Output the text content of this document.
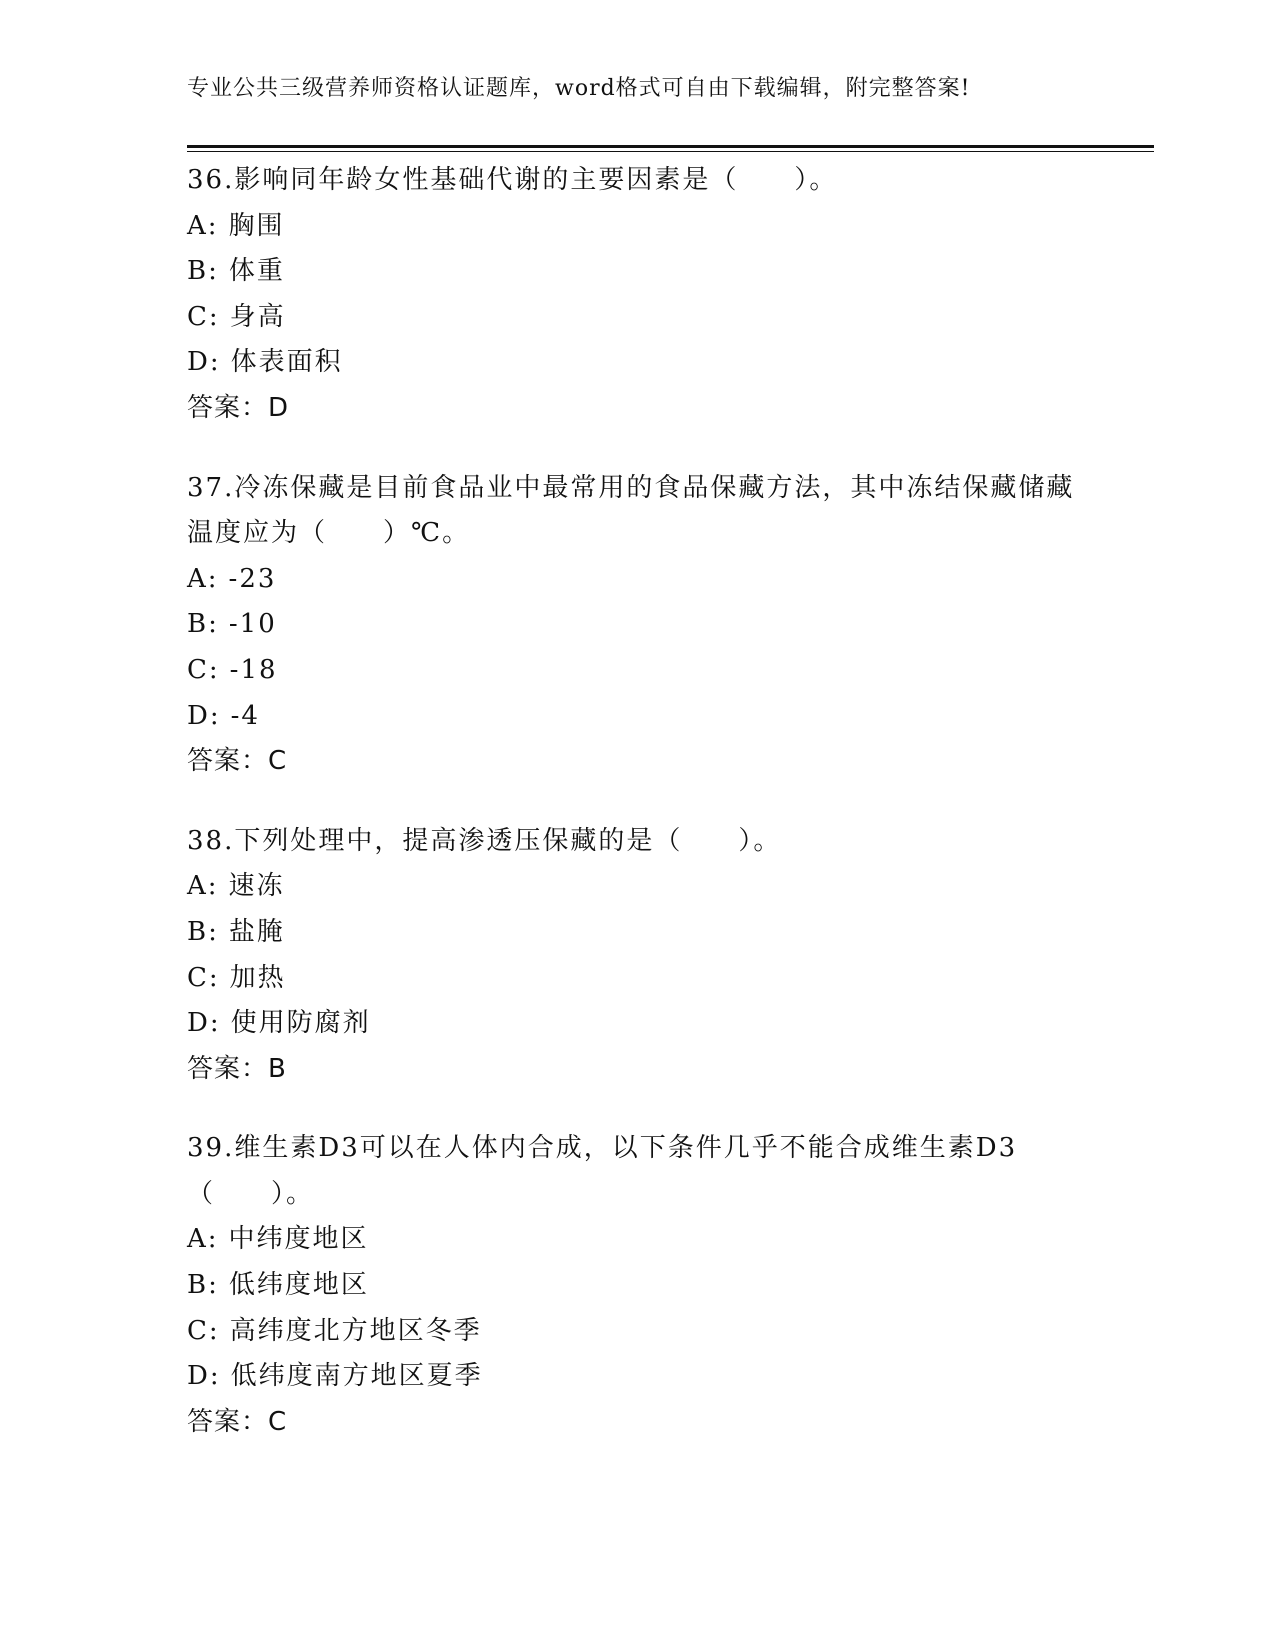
专业公共三级营养师资格认证题库，word格式可自由下载编辑，附完整答案!
36.影响同年龄女性基础代谢的主要因素是（　　）。
A: 胸围
B: 体重
C: 身高
D: 体表面积
答案：D
37.冷冻保藏是目前食品业中最常用的食品保藏方法，其中冻结保藏储藏温度应为（　　）℃。
A: -23
B: -10
C: -18
D: -4
答案：C
38.下列处理中，提高渗透压保藏的是（　　）。
A: 速冻
B: 盐腌
C: 加热
D: 使用防腐剂
答案：B
39.维生素D3可以在人体内合成，以下条件几乎不能合成维生素D3（　　）。
A: 中纬度地区
B: 低纬度地区
C: 高纬度北方地区冬季
D: 低纬度南方地区夏季
答案：C
